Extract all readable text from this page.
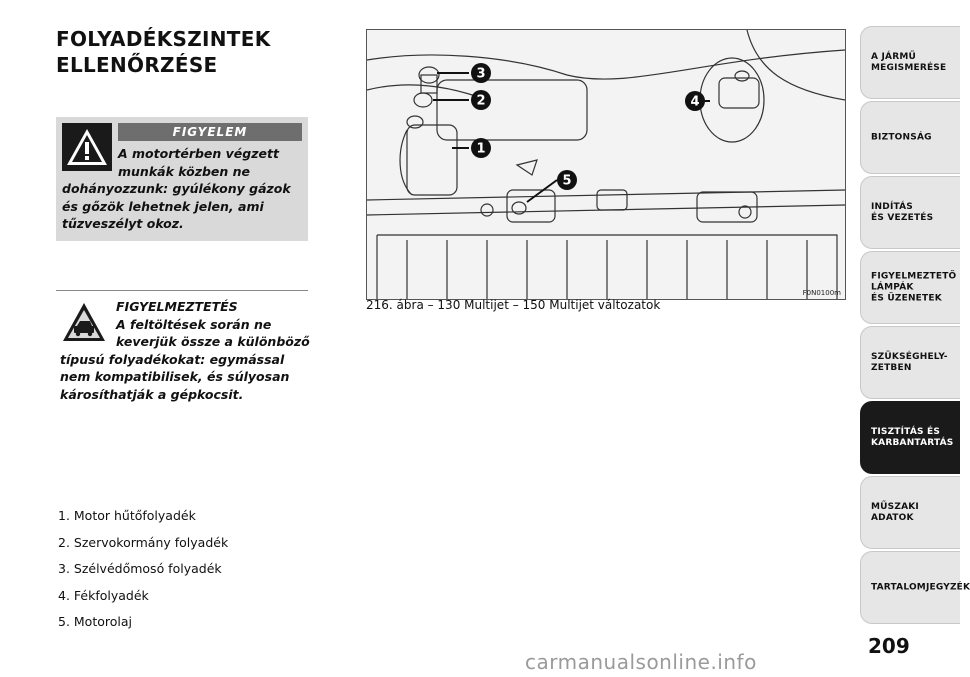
FOLYADÉKSZINTEK
ELLENŐRZÉSE
FIGYELEM
A motortérben végzett
munkák közben ne
dohányozzunk: gyúlékony gázok és gőzök lehetnek jelen, ami tűzveszélyt okoz.
FIGYELMEZTETÉS
A feltöltések során ne
keverjük össze a különböző
típusú folyadékokat: egymással nem kompatibilisek, és súlyosan károsíthatják a gépkocsit.
3
2
1
4
5
F0N0100m
216. ábra – 130 Multijet – 150 Multijet változatok
1. Motor hűtőfolyadék
2. Szervokormány folyadék
3. Szélvédőmosó folyadék
4. Fékfolyadék
5. Motorolaj
A JÁRMŰ
MEGISMERÉSE
BIZTONSÁG
INDÍTÁS
ÉS VEZETÉS
FIGYELMEZTETŐ
LÁMPÁK
ÉS ÜZENETEK
SZÜKSÉGHELY-
ZETBEN
TISZTÍTÁS ÉS
KARBANTARTÁS
MŰSZAKI
ADATOK
TARTALOMJEGYZÉK
209
carmanualsonline.info
